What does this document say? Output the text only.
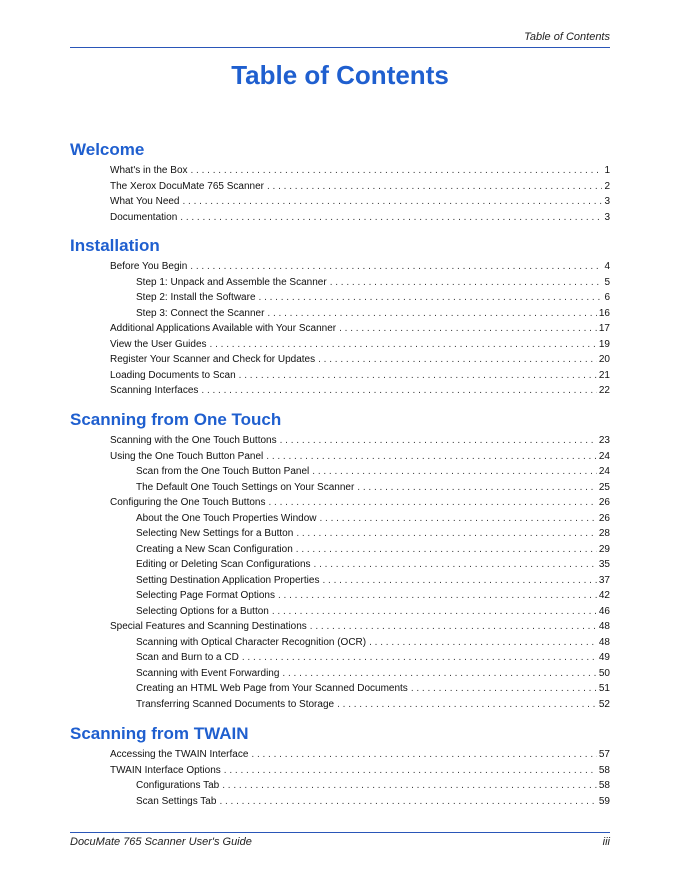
Table of Contents
Table of Contents
Welcome
What's in the Box . . .	1
The Xerox DocuMate 765 Scanner . . .	2
What You Need . . .	3
Documentation . . .	3
Installation
Before You Begin . . .	4
Step 1: Unpack and Assemble the Scanner . . .	5
Step 2: Install the Software . . .	6
Step 3: Connect the Scanner . . .	16
Additional Applications Available with Your Scanner . . .	17
View the User Guides . . .	19
Register Your Scanner and Check for Updates . . .	20
Loading Documents to Scan . . .	21
Scanning Interfaces . . .	22
Scanning from One Touch
Scanning with the One Touch Buttons . . .	23
Using the One Touch Button Panel . . .	24
Scan from the One Touch Button Panel . . .	24
The Default One Touch Settings on Your Scanner . . .	25
Configuring the One Touch Buttons . . .	26
About the One Touch Properties Window . . .	26
Selecting New Settings for a Button . . .	28
Creating a New Scan Configuration . . .	29
Editing or Deleting Scan Configurations . . .	35
Setting Destination Application Properties . . .	37
Selecting Page Format Options . . .	42
Selecting Options for a Button . . .	46
Special Features and Scanning Destinations . . .	48
Scanning with Optical Character Recognition (OCR) . . .	48
Scan and Burn to a CD . . .	49
Scanning with Event Forwarding . . .	50
Creating an HTML Web Page from Your Scanned Documents . . .	51
Transferring Scanned Documents to Storage . . .	52
Scanning from TWAIN
Accessing the TWAIN Interface . . .	57
TWAIN Interface Options . . .	58
Configurations Tab . . .	58
Scan Settings Tab . . .	59
DocuMate 765 Scanner User's Guide	iii
